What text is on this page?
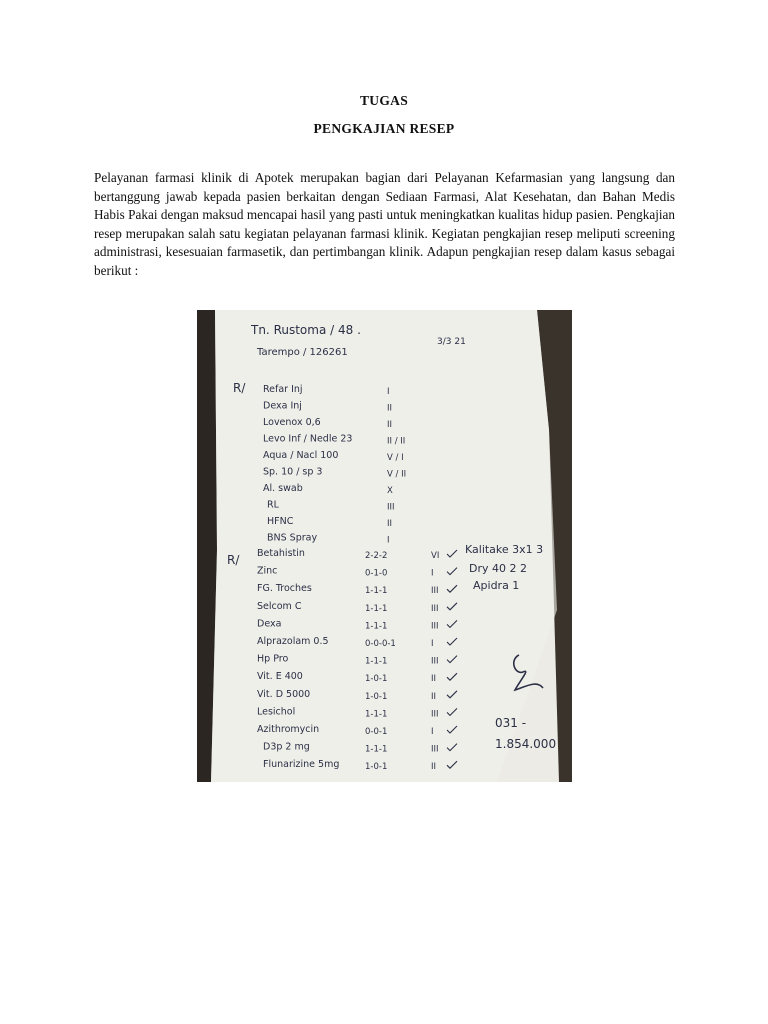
TUGAS
PENGKAJIAN RESEP
Pelayanan farmasi klinik di Apotek merupakan bagian dari Pelayanan Kefarmasian yang langsung dan bertanggung jawab kepada pasien berkaitan dengan Sediaan Farmasi, Alat Kesehatan, dan Bahan Medis Habis Pakai dengan maksud mencapai hasil yang pasti untuk meningkatkan kualitas hidup pasien. Pengkajian resep merupakan salah satu kegiatan pelayanan farmasi klinik. Kegiatan pengkajian resep meliputi screening administrasi, kesesuaian farmasetik, dan pertimbangan klinik. Adapun pengkajian resep dalam kasus sebagai berikut :
Tn. Rustoma / 48 .
3/3 21
Tarempo / 126261
R/ Refar Inj	I
Dexa Inj	II
Lovenox 0,6	II
Levo Inf / Nedle 23	II / II
Aqua / Nacl 100	V / I
Sp. 10 / sp 3	V / II
Al. swab	X
RL	III
HFNC	II
BNS Spray	I
R/ Betahistin	2-2-2	VI
Zinc	0-1-0	I
FG. Troches	1-1-1	III
Selcom C	1-1-1	III
Dexa	1-1-1	III
Alprazolam 0.5	0-0-0-1	I
Hp Pro	1-1-1	III
Vit. E 400	1-0-1	II
Vit. D 5000	1-0-1	II
Lesichol	1-1-1	III
Azithromycin	0-0-1	I
D3p 2 mg	1-1-1	III
Flunarizine 5mg	1-0-1	II
Kalitake 3x1 3
Dry 40 2 2
Apidra 1
031 -
1.854.000
